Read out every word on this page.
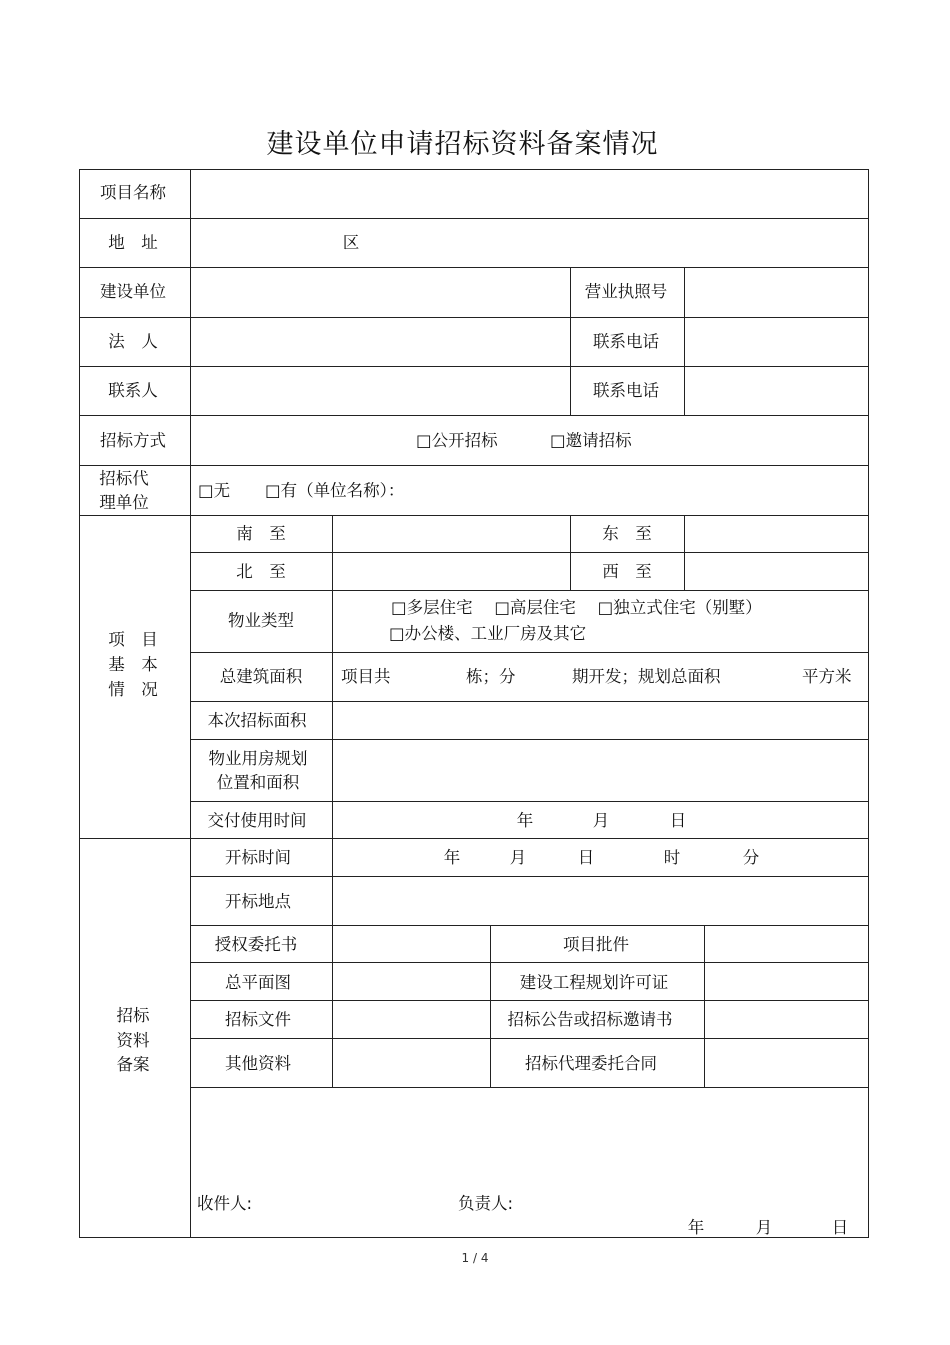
建设单位申请招标资料备案情况
项目名称
地　址	区
建设单位	营业执照号
法　人	联系电话
联系人	联系电话
招标方式	□公开招标	□邀请招标
招标代
理单位
□无 □有（单位名称）：
项　目
基　本
情　况
南　至	东　至
北　至	西　至
物业类型
□多层住宅　 □高层住宅　 □独立式住宅（别墅）
□办公楼、工业厂房及其它
总建筑面积 项目共	栋；分	期开发；规划总面积	平方米
本次招标面积
物业用房规划
位置和面积
交付使用时间	年	月	日
招标
资料
备案
开标时间	年	月	日	时	分
开标地点
授权委托书	项目批件
总平面图	建设工程规划许可证
招标文件	招标公告或招标邀请书
其他资料	招标代理委托合同
收件人:	负责人:
年	月	日
1 / 4
